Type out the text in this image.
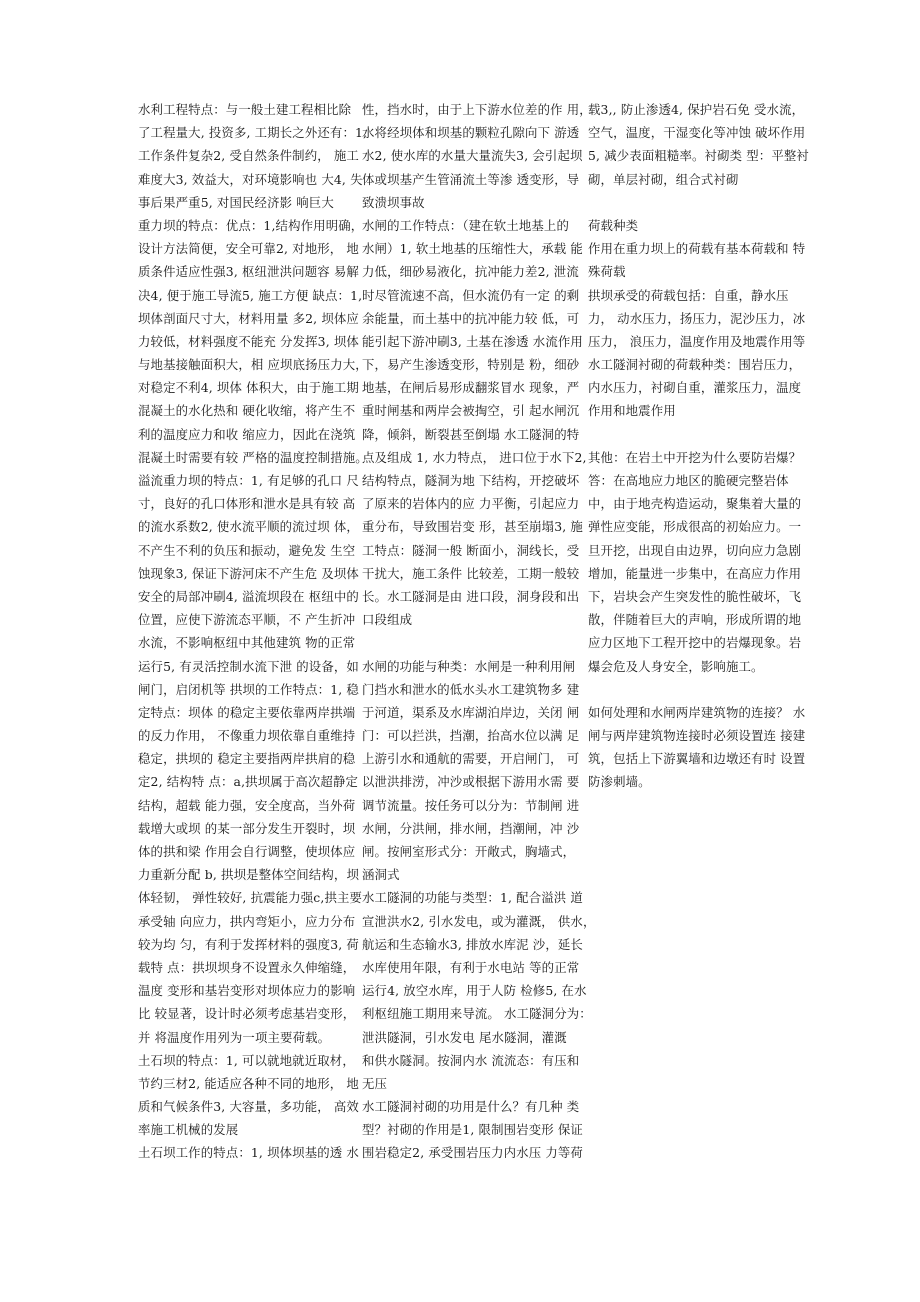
水利工程特点：与一般土建工程相比除
了工程量大, 投资多, 工期长之外还有：1,
工作条件复杂2, 受自然条件制约， 施工
难度大3, 效益大，对环境影响也 大4, 失
事后果严重5, 对国民经济影 响巨大
重力坝的特点：优点：1,结构作用明确，
设计方法简便，安全可靠2, 对地形， 地
质条件适应性强3, 枢纽泄洪问题容 易解
决4, 便于施工导流5, 施工方便 缺点：1,
坝体剖面尺寸大，材料用量 多2, 坝体应
力较低，材料强度不能充 分发挥3, 坝体
与地基接触面积大，相 应坝底扬压力大，
对稳定不利4, 坝体 体积大，由于施工期
混凝土的水化热和 硬化收缩，将产生不
利的温度应力和收 缩应力，因此在浇筑
混凝土时需要有较 严格的温度控制措施。
溢流重力坝的特点：1, 有足够的孔口 尺
寸，良好的孔口体形和泄水是具有较 高
的流水系数2, 使水流平顺的流过坝 体，
不产生不利的负压和振动，避免发 生空
蚀现象3, 保证下游河床不产生危 及坝体
安全的局部冲刷4, 溢流坝段在 枢纽中的
位置，应使下游流态平顺，不 产生折冲
水流，不影响枢纽中其他建筑 物的正常
运行5, 有灵活控制水流下泄 的设备，如
闸门，启闭机等 拱坝的工作特点：1, 稳
定特点：坝体 的稳定主要依靠两岸拱端
的反力作用， 不像重力坝依靠自重维持
稳定，拱坝的 稳定主要指两岸拱肩的稳
定2, 结构特 点：a,拱坝属于高次超静定
结构，超载 能力强，安全度高，当外荷
载增大或坝 的某一部分发生开裂时，坝
体的拱和梁 作用会自行调整，使坝体应
力重新分配 b, 拱坝是整体空间结构，坝
体轻韧， 弹性较好, 抗震能力强c,拱主要
承受轴 向应力，拱内弯矩小，应力分布
较为均 匀，有利于发挥材料的强度3, 荷
载特 点：拱坝坝身不设置永久伸缩缝，
温度 变形和基岩变形对坝体应力的影响
比 较显著，设计时必须考虑基岩变形，
并 将温度作用列为一项主要荷载。
土石坝的特点：1, 可以就地就近取材，
节约三材2, 能适应各种不同的地形， 地
质和气候条件3, 大容量，多功能， 高效
率施工机械的发展
土石坝工作的特点：1, 坝体坝基的透 水
性，挡水时，由于上下游水位差的作 用，
水将经坝体和坝基的颗粒孔隙向下 游透
水2, 使水库的水量大量流失3, 会引起坝
体或坝基产生管涌流土等渗 透变形，导
致溃坝事故
水闸的工作特点：（建在软土地基上的
水闸）1, 软土地基的压缩性大，承载 能
力低，细砂易液化，抗冲能力差2, 泄流
时尽管流速不高，但水流仍有一定 的剩
余能量，而土基中的抗冲能力较 低，可
能引起下游冲刷3, 土基在渗透 水流作用
下，易产生渗透变形，特别是 粉，细砂
地基，在闸后易形成翻浆冒水 现象，严
重时闸基和两岸会被掏空，引 起水闸沉
降，倾斜，断裂甚至倒塌 水工隧洞的特
点及组成 1, 水力特点， 进口位于水下2,
结构特点，隧洞为地 下结构，开挖破坏
了原来的岩体内的应 力平衡，引起应力
重分布，导致围岩变 形，甚至崩塌3, 施
工特点：隧洞一般 断面小，洞线长，受
干扰大，施工条件 比较差，工期一般较
长。水工隧洞是由 进口段，洞身段和出
口段组成
水闸的功能与种类：水闸是一种利用闸
门挡水和泄水的低水头水工建筑物多 建
于河道，渠系及水库湖泊岸边，关闭 闸
门：可以拦洪，挡潮，抬高水位以满 足
上游引水和通航的需要，开启闸门， 可
以泄洪排涝，冲沙或根据下游用水需 要
调节流量。按任务可以分为：节制闸 进
水闸，分洪闸，排水闸，挡潮闸，冲 沙
闸。按闸室形式分：开敞式，胸墙式，
涵洞式
水工隧洞的功能与类型：1, 配合溢洪 道
宣泄洪水2, 引水发电，或为灌溉， 供水，
航运和生态输水3, 排放水库泥 沙，延长
水库使用年限，有利于水电站 等的正常
运行4, 放空水库，用于人防 检修5, 在水
利枢纽施工期用来导流。 水工隧洞分为：
泄洪隧洞，引水发电 尾水隧洞，灌溉
和供水隧洞。按洞内水 流流态：有压和
无压
水工隧洞衬砌的功用是什么？有几种 类
型？衬砌的作用是1, 限制围岩变形 保证
围岩稳定2, 承受围岩压力内水压 力等荷
载3,, 防止渗透4, 保护岩石免 受水流，
空气，温度，干湿变化等冲蚀 破坏作用
5, 减少表面粗糙率。衬砌类 型：平整衬
砌，单层衬砌，组合式衬砌
荷载种类
作用在重力坝上的荷载有基本荷载和 特
殊荷载
拱坝承受的荷载包括：自重，静水压
力， 动水压力，扬压力，泥沙压力，冰
压力， 浪压力，温度作用及地震作用等
水工隧洞衬砌的荷载种类：围岩压力，
内水压力，衬砌自重，灌浆压力，温度
作用和地震作用
其他：在岩土中开挖为什么要防岩爆？
答：在高地应力地区的脆硬完整岩体
中，由于地壳构造运动，聚集着大量的
弹性应变能，形成很高的初始应力。一
旦开挖，出现自由边界，切向应力急剧
增加，能量进一步集中，在高应力作用
下，岩块会产生突发性的脆性破坏，飞
散，伴随着巨大的声响，形成所谓的地
应力区地下工程开挖中的岩爆现象。岩
爆会危及人身安全，影响施工。
如何处理和水闸两岸建筑物的连接？ 水
闸与两岸建筑物连接时必须设置连 接建
筑，包括上下游翼墙和边墩还有时 设置
防渗刺墙。
